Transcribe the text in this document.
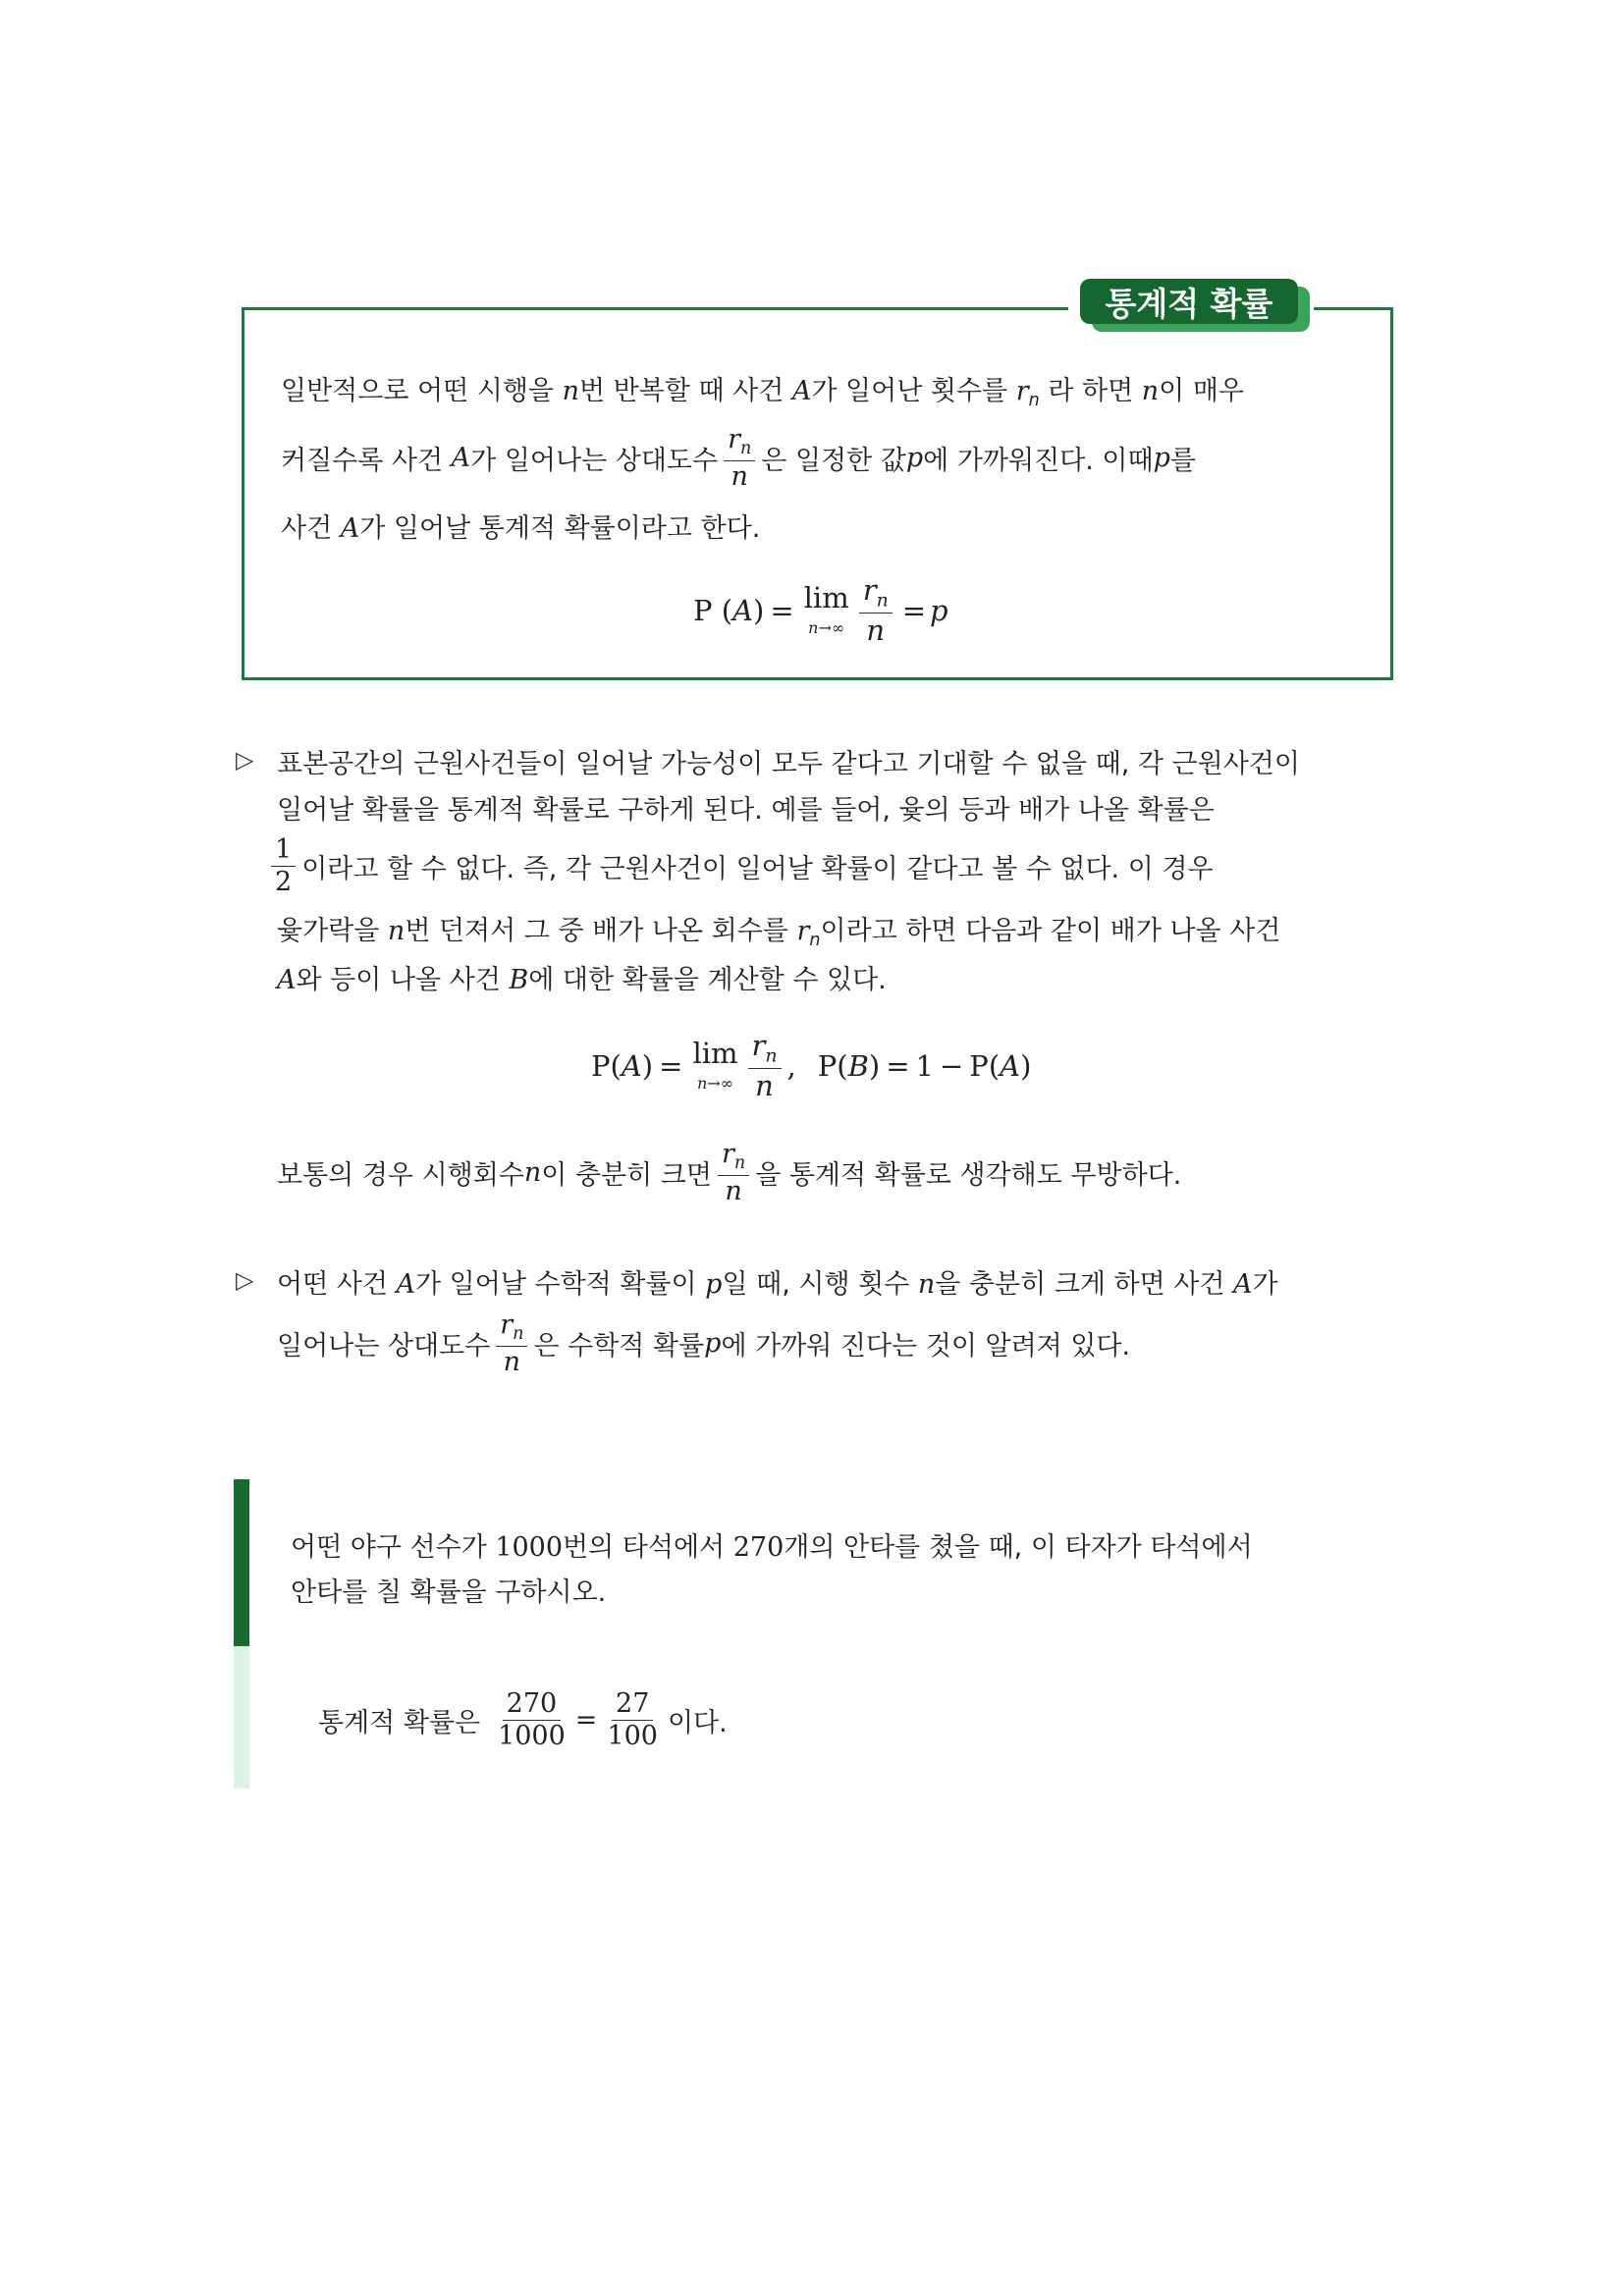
통계적 확률
일반적으로 어떤 시행을 n번 반복할 때 사건 A가 일어난 횟수를 $r_n$ 라 하면 n이 매우
커질수록 사건
A 가 일어나는 상대도수 $\frac{r_n}{n}$ 은 일정한 값 p 에 가까워진다. 이때 p 를
사건 A가 일어날 통계적 확률이라고 한다.
P
( A ) = lim
$n\to\infty \frac{r_n}{n} = p$
▷ 표본공간의 근원사건들이 일어날 가능성이 모두 같다고 기대할 수 없을 때, 각 근원사건이
일어날 확률을 통계적 확률로 구하게 된다. 예를 들어, 윷의 등과 배가 나올 확률은
$\frac{1}{2}$ 이라고 할 수 없다. 즉, 각 근원사건이 일어날 확률이 같다고 볼 수 없다. 이 경우
윷가락을 n번 던져서 그 중 배가 나온 회수를 $r_n$이라고 하면 다음과 같이 배가 나올 사건
A와 등이 나올 사건 B에 대한 확률을 계산할 수 있다.
P ( A ) = lim
$n\to\infty \frac{r_n}{n}$ , P ( B ) = 1 − P ( A )
보통의 경우 시행회수 n 이 충분히 크면 $\frac{r_n}{n}$ 을 통계적 확률로 생각해도 무방하다.
▷ 어떤 사건 A가 일어날 수학적 확률이 p일 때, 시행 횟수 n을 충분히 크게 하면 사건 A가
일어나는 상대도수 $\frac{r_n}{n}$ 은 수학적 확률 p 에 가까워 진다는 것이 알려져 있다.
어떤 야구 선수가 1000번의 타석에서 270개의 안타를 쳤을 때, 이 타자가 타석에서
안타를 칠 확률을 구하시오.
통계적 확률은 $\frac{270}{1000} = \frac{27}{100}$ 이다.
